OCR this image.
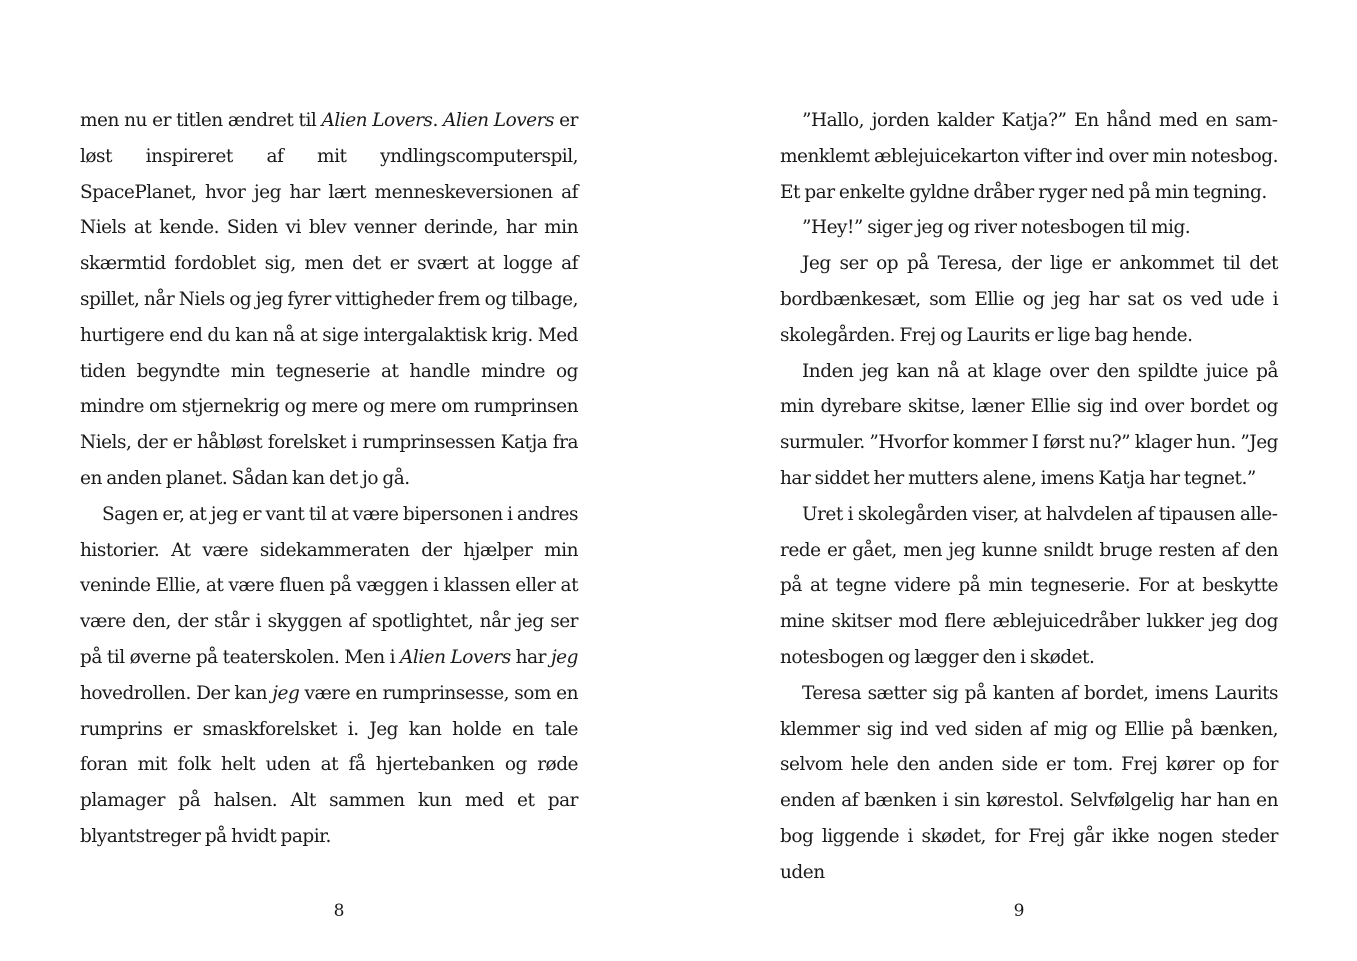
men nu er titlen ændret til Alien Lovers. Alien Lovers er løst inspireret af mit yndlingscomputerspil, SpacePlanet, hvor jeg har lært menneskeversionen af Niels at kende. Siden vi blev venner derinde, har min skærmtid fordoblet sig, men det er svært at logge af spillet, når Niels og jeg fyrer vittigheder frem og tilbage, hurtigere end du kan nå at sige intergalaktisk krig. Med tiden begyndte min tegneserie at handle mindre og mindre om stjernekrig og mere og mere om rumprinsen Niels, der er håbløst forelsket i rumprinsessen Katja fra en anden planet. Sådan kan det jo gå.

Sagen er, at jeg er vant til at være bipersonen i andres historier. At være sidekammeraten der hjælper min veninde Ellie, at være fluen på væggen i klassen eller at være den, der står i skyggen af spotlightet, når jeg ser på til øverne på teaterskolen. Men i Alien Lovers har jeg hovedrollen. Der kan jeg være en rumprinsesse, som en rumprins er smaskforelsket i. Jeg kan holde en tale foran mit folk helt uden at få hjertebanken og røde plamager på halsen. Alt sammen kun med et par blyantstreger på hvidt papir.

8

”Hallo, jorden kalder Katja?” En hånd med en sammenklemt æblejuicekarton vifter ind over min notesbog. Et par enkelte gyldne dråber ryger ned på min tegning.

”Hey!” siger jeg og river notesbogen til mig.

Jeg ser op på Teresa, der lige er ankommet til det bordbænkesæt, som Ellie og jeg har sat os ved ude i skolegården. Frej og Laurits er lige bag hende.

Inden jeg kan nå at klage over den spildte juice på min dyrebare skitse, læner Ellie sig ind over bordet og surmuler. ”Hvorfor kommer I først nu?” klager hun. ”Jeg har siddet her mutters alene, imens Katja har tegnet.”

Uret i skolegården viser, at halvdelen af tipausen allerede er gået, men jeg kunne snildt bruge resten af den på at tegne videre på min tegneserie. For at beskytte mine skitser mod flere æblejuicedråber lukker jeg dog notesbogen og lægger den i skødet.

Teresa sætter sig på kanten af bordet, imens Laurits klemmer sig ind ved siden af mig og Ellie på bænken, selvom hele den anden side er tom. Frej kører op for enden af bænken i sin kørestol. Selvfølgelig har han en bog liggende i skødet, for Frej går ikke nogen steder uden

9
